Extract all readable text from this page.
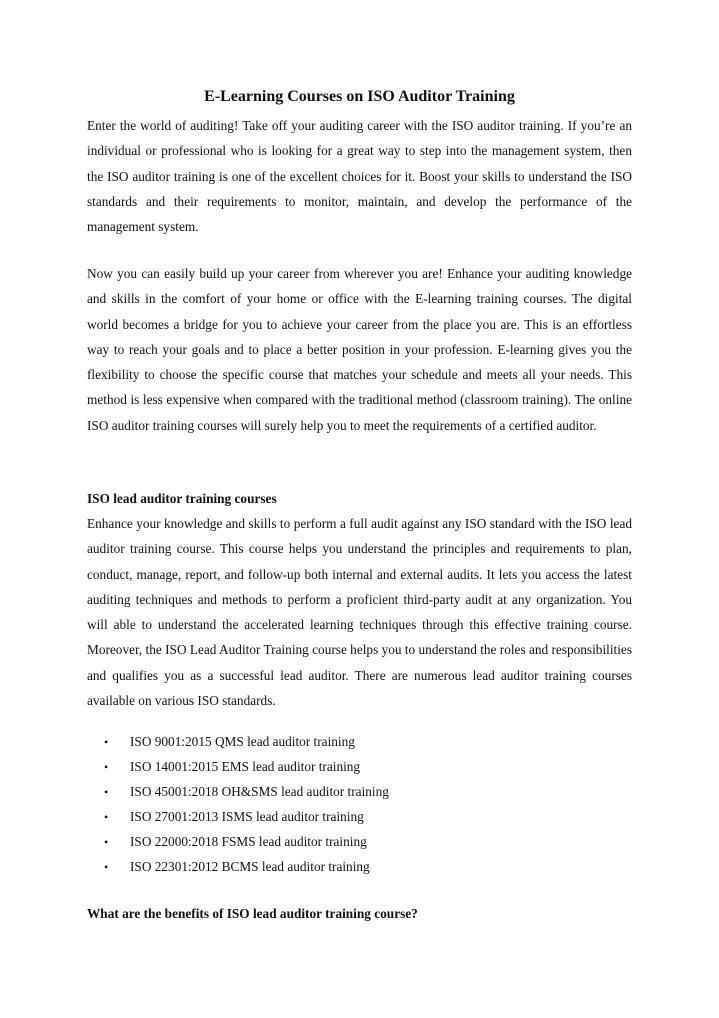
E-Learning Courses on ISO Auditor Training
Enter the world of auditing! Take off your auditing career with the ISO auditor training. If you’re an individual or professional who is looking for a great way to step into the management system, then the ISO auditor training is one of the excellent choices for it. Boost your skills to understand the ISO standards and their requirements to monitor, maintain, and develop the performance of the management system.
Now you can easily build up your career from wherever you are! Enhance your auditing knowledge and skills in the comfort of your home or office with the E-learning training courses. The digital world becomes a bridge for you to achieve your career from the place you are. This is an effortless way to reach your goals and to place a better position in your profession. E-learning gives you the flexibility to choose the specific course that matches your schedule and meets all your needs. This method is less expensive when compared with the traditional method (classroom training). The online ISO auditor training courses will surely help you to meet the requirements of a certified auditor.
ISO lead auditor training courses
Enhance your knowledge and skills to perform a full audit against any ISO standard with the ISO lead auditor training course. This course helps you understand the principles and requirements to plan, conduct, manage, report, and follow-up both internal and external audits. It lets you access the latest auditing techniques and methods to perform a proficient third-party audit at any organization. You will able to understand the accelerated learning techniques through this effective training course. Moreover, the ISO Lead Auditor Training course helps you to understand the roles and responsibilities and qualifies you as a successful lead auditor. There are numerous lead auditor training courses available on various ISO standards.
• ISO 9001:2015 QMS lead auditor training
• ISO 14001:2015 EMS lead auditor training
• ISO 45001:2018 OH&SMS lead auditor training
• ISO 27001:2013 ISMS lead auditor training
• ISO 22000:2018 FSMS lead auditor training
• ISO 22301:2012 BCMS lead auditor training
What are the benefits of ISO lead auditor training course?
